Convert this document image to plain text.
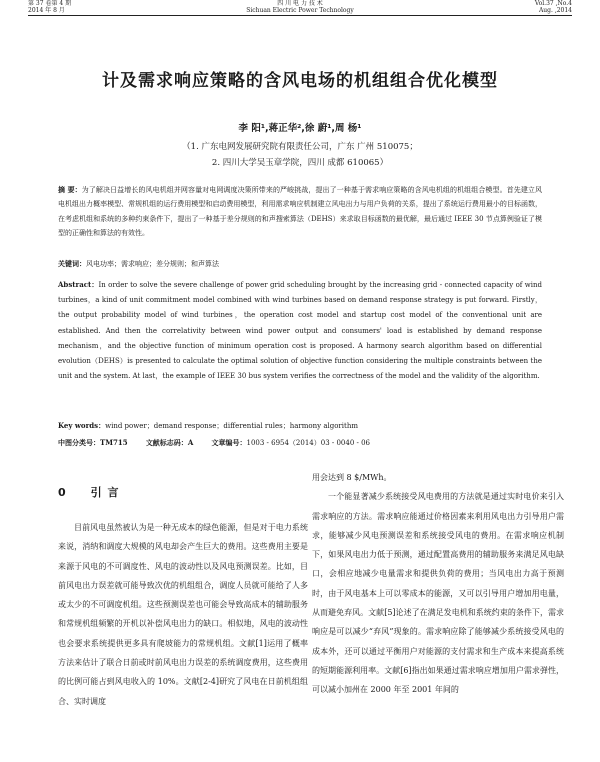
第 37 卷第 4 期
2014 年 8 月
四 川 电 力 技 术
Sichuan Electric Power Technology
Vol.37 ,No.4
Aug. ,2014
计及需求响应策略的含风电场的机组组合优化模型
李 阳¹,蒋正华²,徐 蔚¹,周 杨¹
（1. 广东电网发展研究院有限责任公司，广东 广州 510075；
2. 四川大学吴玉章学院，四川 成都 610065）
摘 要：为了解决日益增长的风电机组并网容量对电网调度决策所带来的严峻挑战，提出了一种基于需求响应策略的含风电机组的机组组合模型。首先建立风电机组出力概率模型、常规机组的运行费用模型和启动费用模型，利用需求响应机制建立风电出力与用户负荷的关系，提出了系统运行费用最小的目标函数，在考虑机组和系统的多种约束条件下，提出了一种基于差分规则的和声搜索算法（DEHS）来求取目标函数的最优解，最后通过 IEEE 30 节点算例验证了模型的正确性和算法的有效性。
关键词：风电功率；需求响应；差分规则；和声算法
Abstract：In order to solve the severe challenge of power grid scheduling brought by the increasing grid - connected capacity of wind turbines，a kind of unit commitment model combined with wind turbines based on demand response strategy is put forward. Firstly，the output probability model of wind turbines，the operation cost model and startup cost model of the conventional unit are established. And then the correlativity between wind power output and consumers' load is established by demand response mechanism，and the objective function of minimum operation cost is proposed. A harmony search algorithm based on differential evolution（DEHS）is presented to calculate the optimal solution of objective function considering the multiple constraints between the unit and the system. At last，the example of IEEE 30 bus system verifies the correctness of the model and the validity of the algorithm.
Key words：wind power；demand response；differential rules；harmony algorithm
中图分类号：TM715	文献标志码：A	文章编号：1003 - 6954（2014）03 - 0040 - 06
0 引 言

目前风电虽然被认为是一种无成本的绿色能源，但是对于电力系统来说，消纳和调度大规模的风电却会产生巨大的费用。这些费用主要是来源于风电的不可调度性、风电的波动性以及风电预测误差。比如，目前风电出力误差就可能导致次优的机组组合，调度人员就可能给了人多或太少的不可调度机组。这些预测误差也可能会导致高成本的辅助服务和常规机组频繁的开机以补偿风电出力的缺口。相似地，风电的波动性也会要求系统提供更多具有爬坡能力的常规机组。文献[1]运用了概率方法来估计了联合日前或时前风电出力误差的系统调度费用，这些费用的比例可能占到风电收入的 10%。文献[2-4]研究了风电在日前机组组合、实时调度

用会达到 8 $/MWh。

一个能显著减少系统接受风电费用的方法就是通过实时电价来引入需求响应的方法。需求响应能通过价格因素来利用风电出力引导用户需求，能够减少风电预测误差和系统接受风电的费用。在需求响应机制下，如果风电出力低于预测，通过配置高费用的辅助服务来满足风电缺口，会相应地减少电量需求和提供负荷的费用；当风电出力高于预测时，由于风电基本上可以零成本的能源，又可以引导用户增加用电量，从而避免弃风。文献[5]论述了在满足发电机和系统约束的条件下，需求响应是可以减少“弃风”现象的。需求响应除了能够减少系统接受风电的成本外，还可以通过平衡用户对能源的支付需求和生产成本来提高系统的短期能源利用率。文献[6]指出如果通过需求响应增加用户需求弹性，可以减小加州在 2000 年至 2001 年间的
